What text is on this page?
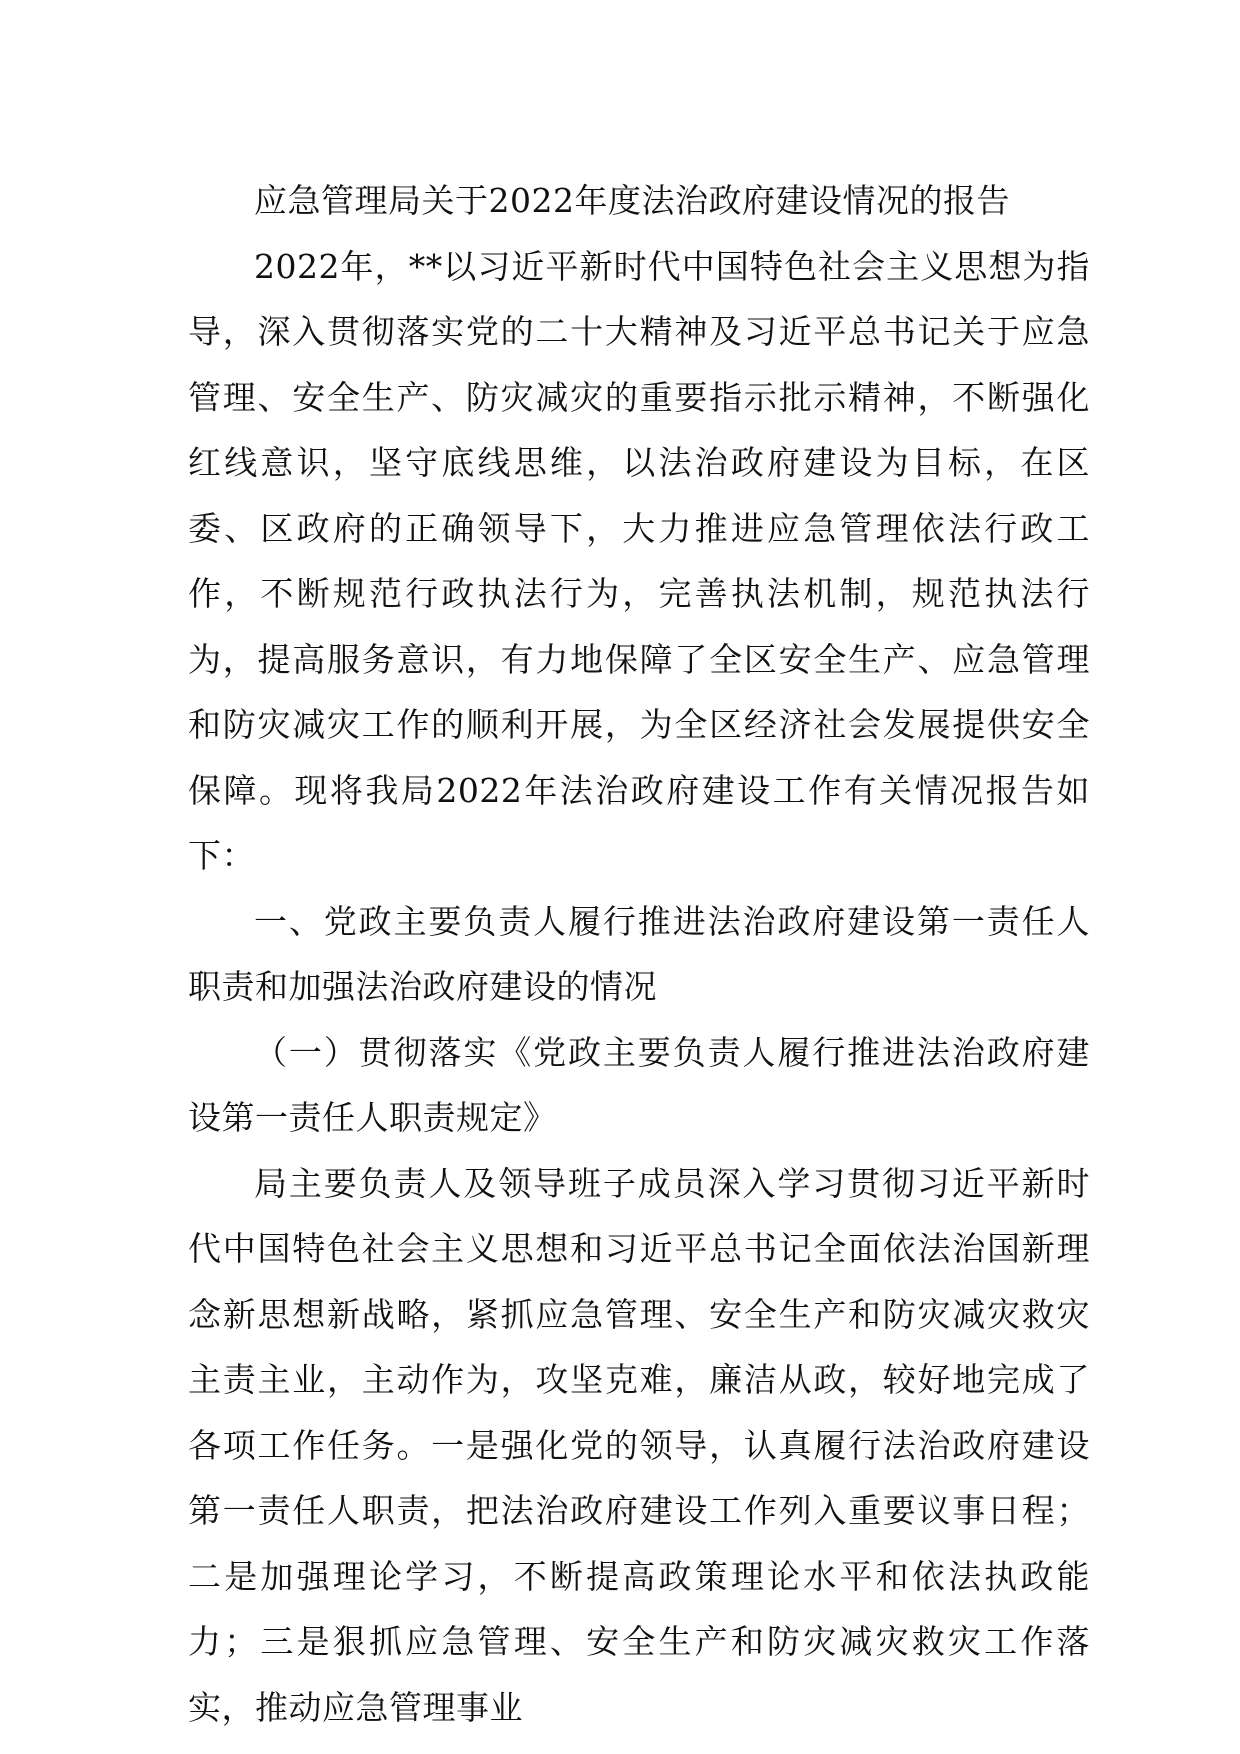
应急管理局关于2022年度法治政府建设情况的报告

2022年，**以习近平新时代中国特色社会主义思想为指导，深入贯彻落实党的二十大精神及习近平总书记关于应急管理、安全生产、防灾减灾的重要指示批示精神，不断强化红线意识，坚守底线思维，以法治政府建设为目标，在区委、区政府的正确领导下，大力推进应急管理依法行政工作，不断规范行政执法行为，完善执法机制，规范执法行为，提高服务意识，有力地保障了全区安全生产、应急管理和防灾减灾工作的顺利开展，为全区经济社会发展提供安全保障。现将我局2022年法治政府建设工作有关情况报告如下：

一、党政主要负责人履行推进法治政府建设第一责任人职责和加强法治政府建设的情况

（一）贯彻落实《党政主要负责人履行推进法治政府建设第一责任人职责规定》

局主要负责人及领导班子成员深入学习贯彻习近平新时代中国特色社会主义思想和习近平总书记全面依法治国新理念新思想新战略，紧抓应急管理、安全生产和防灾减灾救灾主责主业，主动作为，攻坚克难，廉洁从政，较好地完成了各项工作任务。一是强化党的领导，认真履行法治政府建设第一责任人职责，把法治政府建设工作列入重要议事日程；二是加强理论学习，不断提高政策理论水平和依法执政能力；三是狠抓应急管理、安全生产和防灾减灾救灾工作落实，推动应急管理事业
